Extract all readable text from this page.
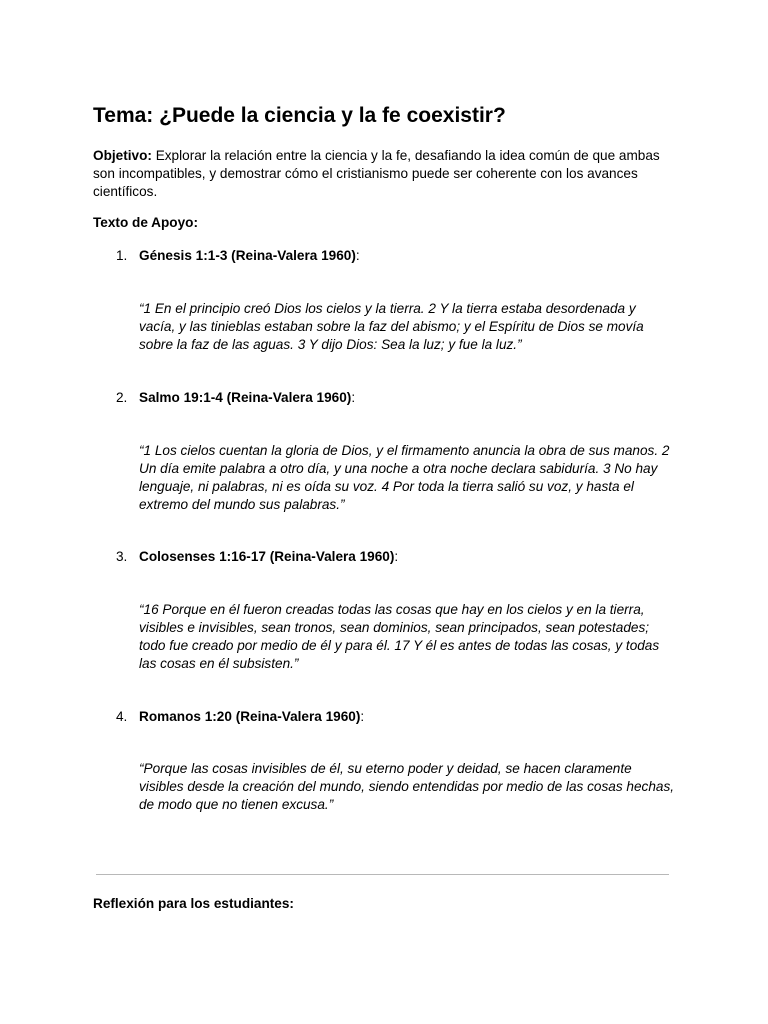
Tema: ¿Puede la ciencia y la fe coexistir?

Objetivo: Explorar la relación entre la ciencia y la fe, desafiando la idea común de que ambas son incompatibles, y demostrar cómo el cristianismo puede ser coherente con los avances científicos.

Texto de Apoyo:

1. Génesis 1:1-3 (Reina-Valera 1960):

“1 En el principio creó Dios los cielos y la tierra. 2 Y la tierra estaba desordenada y vacía, y las tinieblas estaban sobre la faz del abismo; y el Espíritu de Dios se movía sobre la faz de las aguas. 3 Y dijo Dios: Sea la luz; y fue la luz.”

2. Salmo 19:1-4 (Reina-Valera 1960):

“1 Los cielos cuentan la gloria de Dios, y el firmamento anuncia la obra de sus manos. 2 Un día emite palabra a otro día, y una noche a otra noche declara sabiduría. 3 No hay lenguaje, ni palabras, ni es oída su voz. 4 Por toda la tierra salió su voz, y hasta el extremo del mundo sus palabras.”

3. Colosenses 1:16-17 (Reina-Valera 1960):

“16 Porque en él fueron creadas todas las cosas que hay en los cielos y en la tierra, visibles e invisibles, sean tronos, sean dominios, sean principados, sean potestades; todo fue creado por medio de él y para él. 17 Y él es antes de todas las cosas, y todas las cosas en él subsisten.”

4. Romanos 1:20 (Reina-Valera 1960):

“Porque las cosas invisibles de él, su eterno poder y deidad, se hacen claramente visibles desde la creación del mundo, siendo entendidas por medio de las cosas hechas, de modo que no tienen excusa.”

Reflexión para los estudiantes:
